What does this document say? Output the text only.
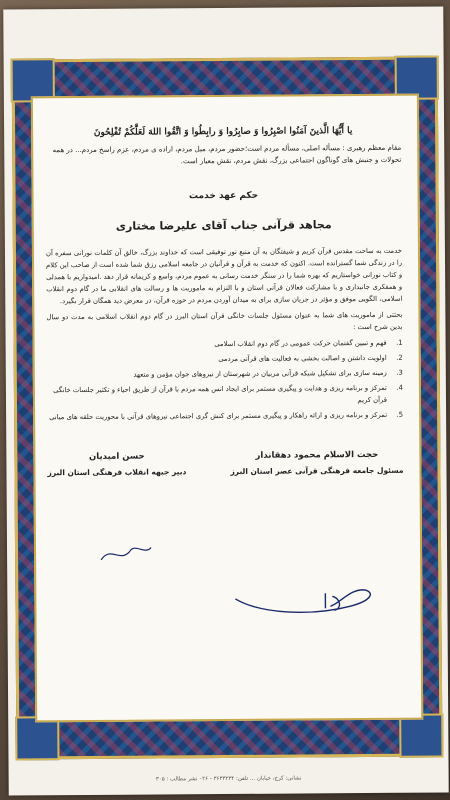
يا أَيُّهَا الَّذينَ آمَنُوا اصْبِرُوا وَ صابِرُوا وَ رابِطُوا وَ اتَّقُوا اللهَ لَعَلَّكُمْ تُفْلِحُونَ

مقام معظم رهبری : مسأله اصلی، مسأله مردم است؛حضور مردم، میل مردم، اراده ی مردم، عزم راسخ مردم... در همه تحولات و جنبش های گوناگون اجتماعی بزرگ، نقش مردم، نقش معیار است.

حکم عهد خدمت

مجاهد قرآنی جناب آقای علیرضا مختاری

خدمت به ساحت مقدس قرآن کریم و شیفتگان به آن منبع نور توفیقی است که خداوند بزرگ، خالق آن کلمات نورانی سفره آن را در زندگی شما گسترانده است. اکنون که خدمت به قرآن و قرآنیان در جامعه اسلامی رزق شما شده است از صاحب این کلام و کتاب نورانی خواستاریم که بهره شما را در سنگر خدمت رسانی به عموم مردم، واسع و کریمانه قرار دهد .امیدواریم با همدلی و همفکری جانبداری و با مشارکت فعالان قرآنی استان و با التزام به ماموریت ها و رسالت های انقلابی ما در گام دوم انقلاب اسلامی، الگویی موفق و مؤثر در جریان سازی برای به میدان آوردن مردم در حوزه قرآن، در معرض دید همگان قرار بگیرد.

بحثتی از ماموریت های شما به عنوان مسئول جلسات خانگی قرآن استان البرز در گام دوم انقلاب اسلامی به مدت دو سال بدین شرح است :

1.
فهم و تبیین گفتمان حرکت عمومی در گام دوم انقلاب اسلامی
2.
اولویت داشتن و اصالت بخشی به فعالیت های قرآنی مردمی
3.
زمینه سازی برای تشکیل شبکه قرآنی مربیان در شهرستان از نیروهای جوان مؤمن و متعهد
4.
تمرکز و برنامه ریزی و هدایت و پیگیری مستمر برای ایجاد انس همه مردم با قرآن از طریق احیاء و تکثیر جلسات خانگی قرآن کریم
5.
تمرکز و برنامه ریزی و ارائه راهکار و پیگیری مستمر برای کنش گری اجتماعی نیروهای قرآنی با محوریت حلقه های میانی
حجت الاسلام محمود دهقاندار
مسئول جامعه فرهنگی قرآنی عصر استان البرز
حسن امیدیان
دبیر جبهه انقلاب فرهنگی استان البرز
نشانی: کرج، خیابان ... تلفن: ۳۶۳۳۲۳۴ - ۰۲۶ نشر مطالب : ۳۰۵
